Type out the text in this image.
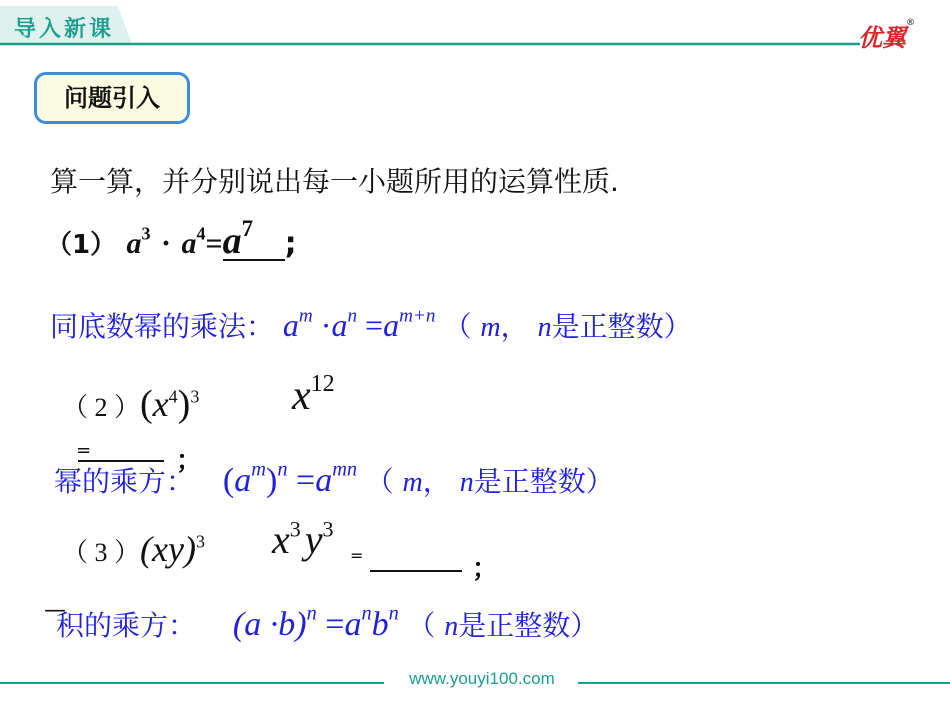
导入新课	优翼®
问题引入
算一算，并分别说出每一小题所用的运算性质.
（1） $a^3 \cdot a^4=a^7$ ;
同底数幂的乘法： $a^m \cdot a^n =a^{m+n}$ （ m， n是正整数）
（ 2 ）$(x^4)^3$ $x^{12}$
=	；
幂的乘方： $(a^m)^n =a^{mn}$ （ m， n是正整数）
（ 3 ）(xy)$^3$ $x^3$ $y^3$
=	；
—
积的乘方： $(a \cdot b)^n =a^nb^n$ （ n是正整数）
www.youyi100.com
